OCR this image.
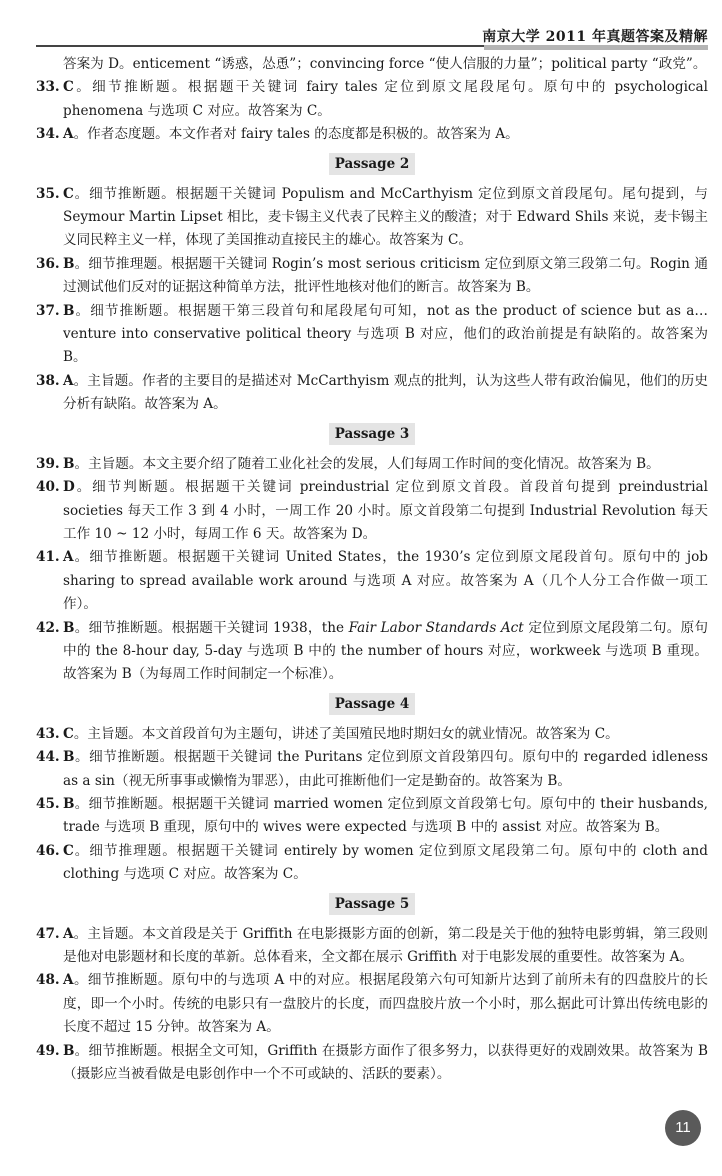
南京大学 2011 年真题答案及精解
答案为 D。enticement “诱惑，怂恿”；convincing force “使人信服的力量”；political party “政党”。
33. C。细节推断题。根据题干关键词 fairy tales 定位到原文尾段尾句。原句中的 psychological phenomena 与选项 C 对应。故答案为 C。
34. A。作者态度题。本文作者对 fairy tales 的态度都是积极的。故答案为 A。
Passage 2
35. C。细节推断题。根据题干关键词 Populism and McCarthyism 定位到原文首段尾句。尾句提到，与 Seymour Martin Lipset 相比，麦卡锡主义代表了民粹主义的酸渣；对于 Edward Shils 来说，麦卡锡主义同民粹主义一样，体现了美国推动直接民主的雄心。故答案为 C。
36. B。细节推理题。根据题干关键词 Rogin’s most serious criticism 定位到原文第三段第二句。Rogin 通过测试他们反对的证据这种简单方法，批评性地核对他们的断言。故答案为 B。
37. B。细节推断题。根据题干第三段首句和尾段尾句可知，not as the product of science but as a… venture into conservative political theory 与选项 B 对应，他们的政治前提是有缺陷的。故答案为 B。
38. A。主旨题。作者的主要目的是描述对 McCarthyism 观点的批判，认为这些人带有政治偏见，他们的历史分析有缺陷。故答案为 A。
Passage 3
39. B。主旨题。本文主要介绍了随着工业化社会的发展，人们每周工作时间的变化情况。故答案为 B。
40. D。细节判断题。根据题干关键词 preindustrial 定位到原文首段。首段首句提到 preindustrial societies 每天工作 3 到 4 小时，一周工作 20 小时。原文首段第二句提到 Industrial Revolution 每天工作 10 ~ 12 小时，每周工作 6 天。故答案为 D。
41. A。细节推断题。根据题干关键词 United States，the 1930’s 定位到原文尾段首句。原句中的 job sharing to spread available work around 与选项 A 对应。故答案为 A（几个人分工合作做一项工作）。
42. B。细节推断题。根据题干关键词 1938，the Fair Labor Standards Act 定位到原文尾段第二句。原句中的 the 8-hour day, 5-day 与选项 B 中的 the number of hours 对应，workweek 与选项 B 重现。故答案为 B（为每周工作时间制定一个标准）。
Passage 4
43. C。主旨题。本文首段首句为主题句，讲述了美国殖民地时期妇女的就业情况。故答案为 C。
44. B。细节推断题。根据题干关键词 the Puritans 定位到原文首段第四句。原句中的 regarded idleness as a sin（视无所事事或懒惰为罪恶），由此可推断他们一定是勤奋的。故答案为 B。
45. B。细节推断题。根据题干关键词 married women 定位到原文首段第七句。原句中的 their husbands, trade 与选项 B 重现，原句中的 wives were expected 与选项 B 中的 assist 对应。故答案为 B。
46. C。细节推理题。根据题干关键词 entirely by women 定位到原文尾段第二句。原句中的 cloth and clothing 与选项 C 对应。故答案为 C。
Passage 5
47. A。主旨题。本文首段是关于 Griffith 在电影摄影方面的创新，第二段是关于他的独特电影剪辑，第三段则是他对电影题材和长度的革新。总体看来，全文都在展示 Griffith 对于电影发展的重要性。故答案为 A。
48. A。细节推断题。原句中的与选项 A 中的对应。根据尾段第六句可知新片达到了前所未有的四盘胶片的长度，即一个小时。传统的电影只有一盘胶片的长度，而四盘胶片放一个小时，那么据此可计算出传统电影的长度不超过 15 分钟。故答案为 A。
49. B。细节推断题。根据全文可知，Griffith 在摄影方面作了很多努力，以获得更好的戏剧效果。故答案为 B（摄影应当被看做是电影创作中一个不可或缺的、活跃的要素）。
11
